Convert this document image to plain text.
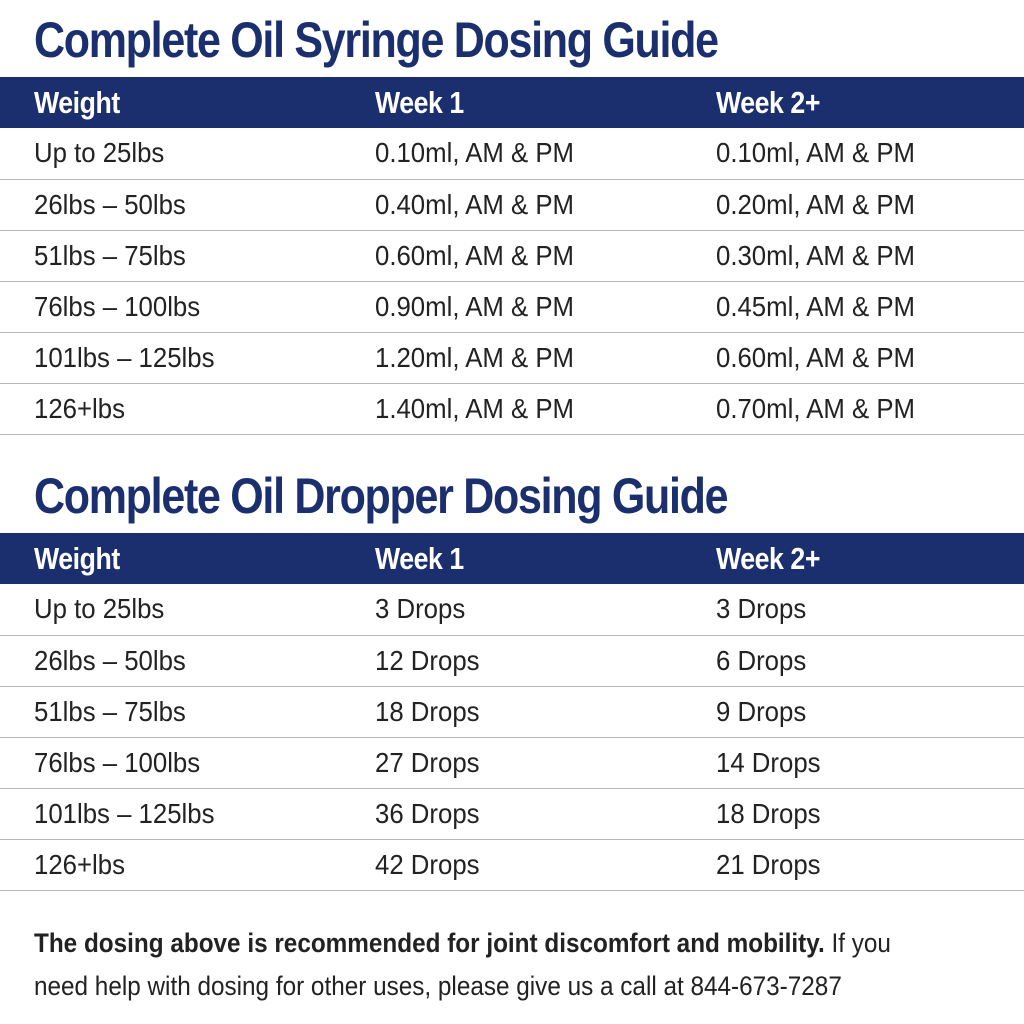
Complete Oil Syringe Dosing Guide
Weight	Week 1	Week 2+
Up to 25lbs	0.10ml, AM & PM	0.10ml, AM & PM
26lbs – 50lbs	0.40ml, AM & PM	0.20ml, AM & PM
51lbs – 75lbs	0.60ml, AM & PM	0.30ml, AM & PM
76lbs – 100lbs	0.90ml, AM & PM	0.45ml, AM & PM
101lbs – 125lbs	1.20ml, AM & PM	0.60ml, AM & PM
126+lbs	1.40ml, AM & PM	0.70ml, AM & PM
Complete Oil Dropper Dosing Guide
Weight	Week 1	Week 2+
Up to 25lbs	3 Drops	3 Drops
26lbs – 50lbs	12 Drops	6 Drops
51lbs – 75lbs	18 Drops	9 Drops
76lbs – 100lbs	27 Drops	14 Drops
101lbs – 125lbs	36 Drops	18 Drops
126+lbs	42 Drops	21 Drops

The dosing above is recommended for joint discomfort and mobility. If you
need help with dosing for other uses, please give us a call at 844-673-7287
